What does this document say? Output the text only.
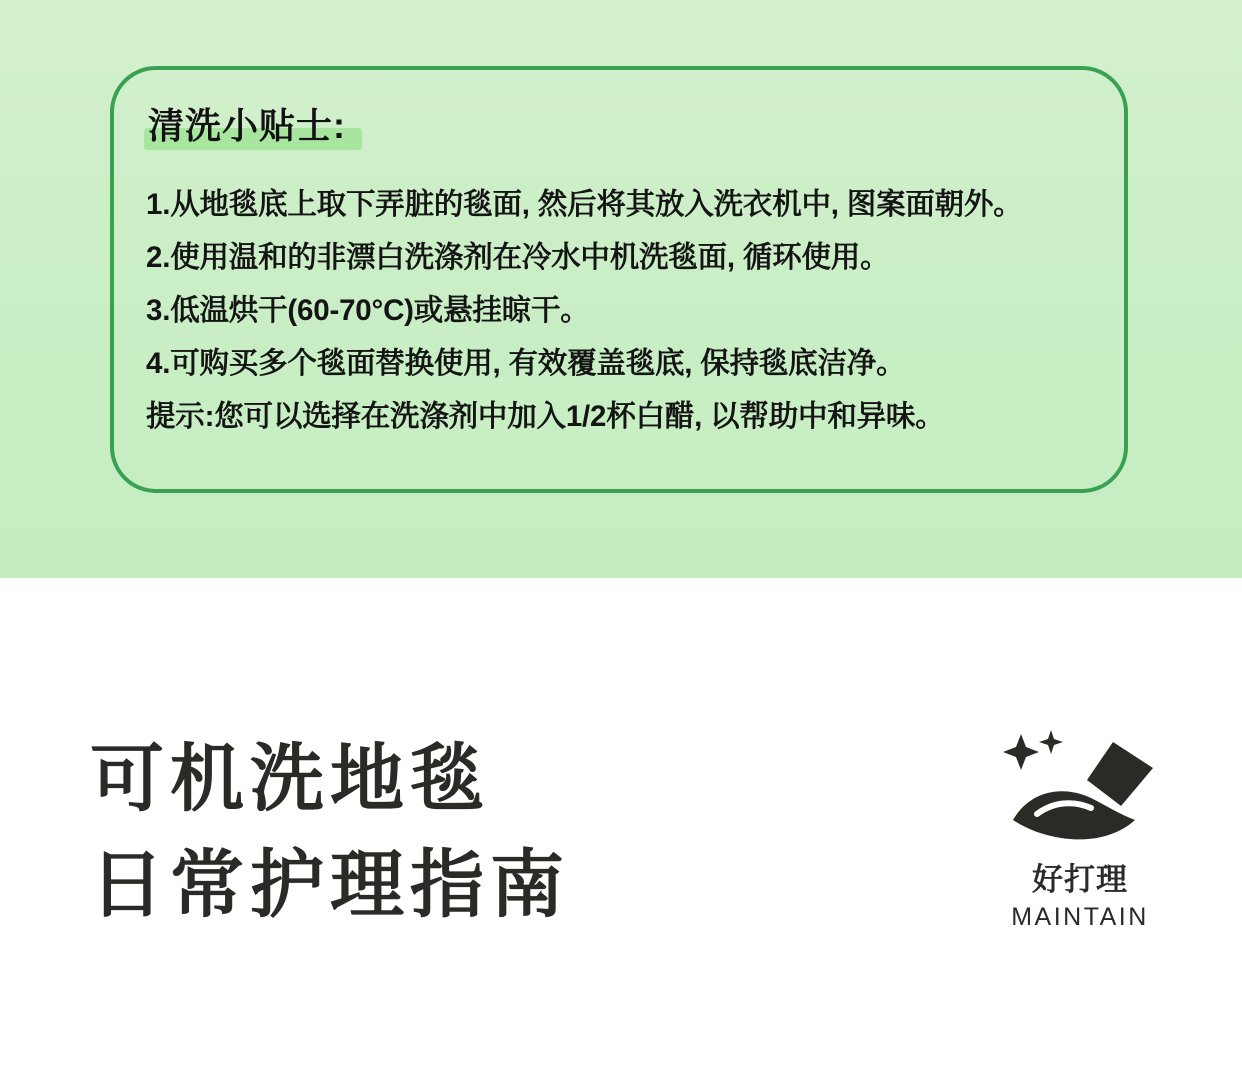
清洗小贴士:
1.从地毯底上取下弄脏的毯面, 然后将其放入洗衣机中, 图案面朝外。
2.使用温和的非漂白洗涤剂在冷水中机洗毯面, 循环使用。
3.低温烘干(60-70°C)或悬挂晾干。
4.可购买多个毯面替换使用, 有效覆盖毯底, 保持毯底洁净。
提示:您可以选择在洗涤剂中加入1/2杯白醋, 以帮助中和异味。
可机洗地毯
日常护理指南	好打理
MAINTAIN
